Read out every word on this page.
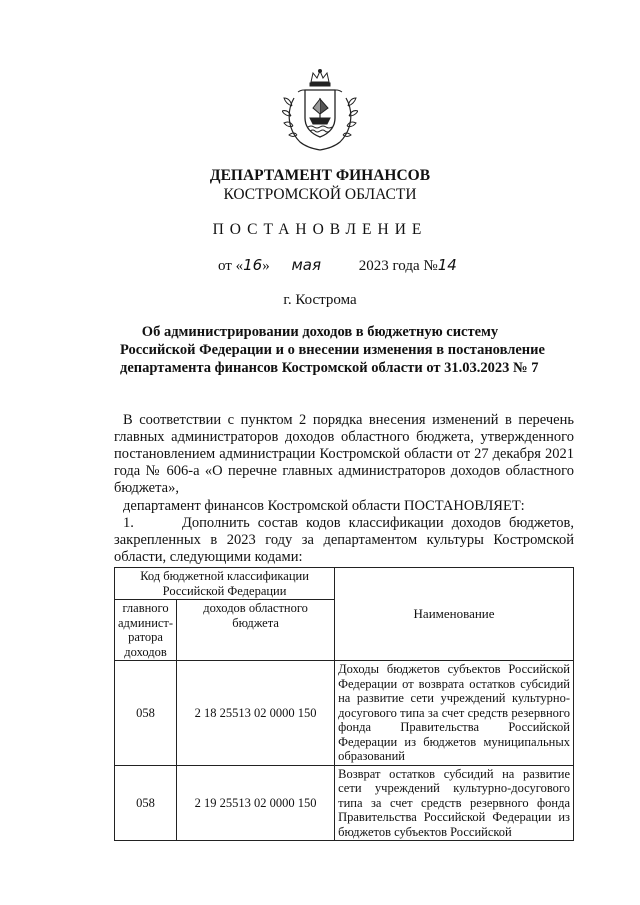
ДЕПАРТАМЕНТ ФИНАНСОВ
КОСТРОМСКОЙ ОБЛАСТИ
ПОСТАНОВЛЕНИЕ
от «16» мая	2023 года №14
г. Кострома
Об администрировании доходов в бюджетную систему
Российской Федерации и о внесении изменения в постановление
департамента финансов Костромской области от 31.03.2023 № 7
В соответствии с пунктом 2 порядка внесения изменений в перечень
главных администраторов доходов областного бюджета, утвержденного
постановлением администрации Костромской области от 27 декабря 2021
года № 606-а «О перечне главных администраторов доходов областного
бюджета»,
департамент финансов Костромской области ПОСТАНОВЛЯЕТ:
1.      Дополнить состав кодов классификации доходов бюджетов,
закрепленных в 2023 году за департаментом культуры Костромской
области, следующими кодами:
Код бюджетной классификации Российской Федерации		Наименование
главного админист-ратора доходов	доходов областного бюджета	
058	2 18 25513 02 0000 150	Доходы бюджетов субъектов Российской Федерации от возврата остатков субсидий на развитие сети учреждений культурно-досугового типа за счет средств резервного фонда Правительства Российской Федерации из бюджетов муниципальных образований
058	2 19 25513 02 0000 150	Возврат остатков субсидий на развитие сети учреждений культурно-досугового типа за счет средств резервного фонда Правительства Российской Федерации из бюджетов субъектов Российской
